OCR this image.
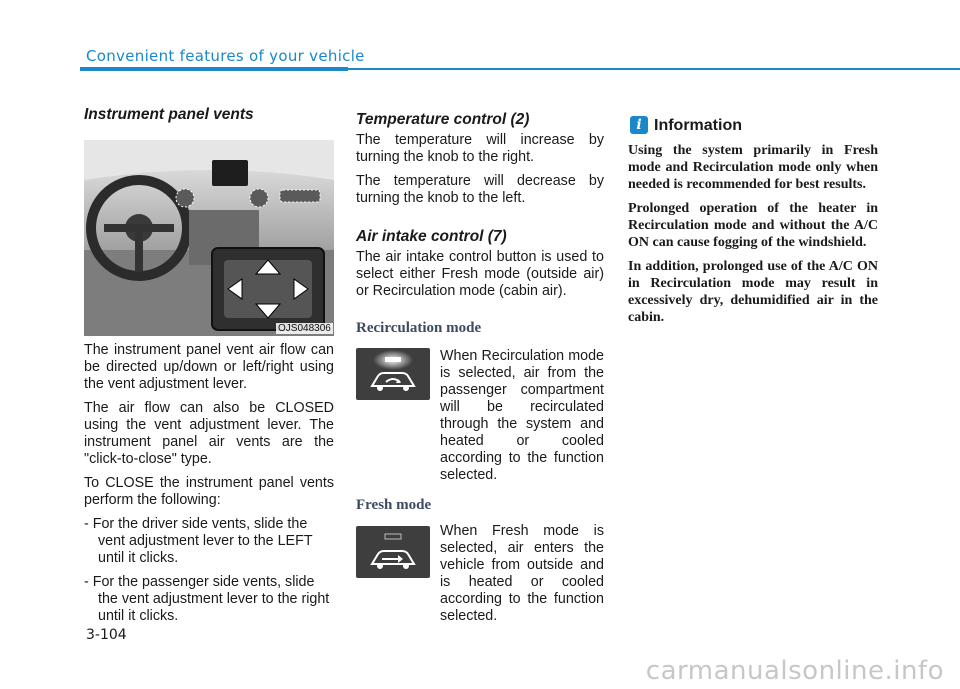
Convenient features of your vehicle

Instrument panel vents

OJS048306

The instrument panel vent air flow can be directed up/down or left/right using the vent adjustment lever.

The air flow can also be CLOSED using the vent adjustment lever. The instrument panel air vents are the "click-to-close" type.

To CLOSE the instrument panel vents perform the following:

- For the driver side vents, slide the vent adjustment lever to the LEFT until it clicks.

- For the passenger side vents, slide the vent adjustment lever to the right until it clicks.

Temperature control (2)

The temperature will increase by turning the knob to the right.

The temperature will decrease by turning the knob to the left.

Air intake control (7)

The air intake control button is used to select either Fresh mode (outside air) or Recirculation mode (cabin air).

Recirculation mode

When Recirculation mode is selected, air from the passenger compartment will be recirculated through the system and heated or cooled according to the function selected.

Fresh mode

When Fresh mode is selected, air enters the vehicle from outside and is heated or cooled according to the function selected.

i Information

Using the system primarily in Fresh mode and Recirculation mode only when needed is recommended for best results.

Prolonged operation of the heater in Recirculation mode and without the A/C ON can cause fogging of the windshield.

In addition, prolonged use of the A/C ON in Recirculation mode may result in excessively dry, dehumidified air in the cabin.

3-104
carmanualsonline.info
